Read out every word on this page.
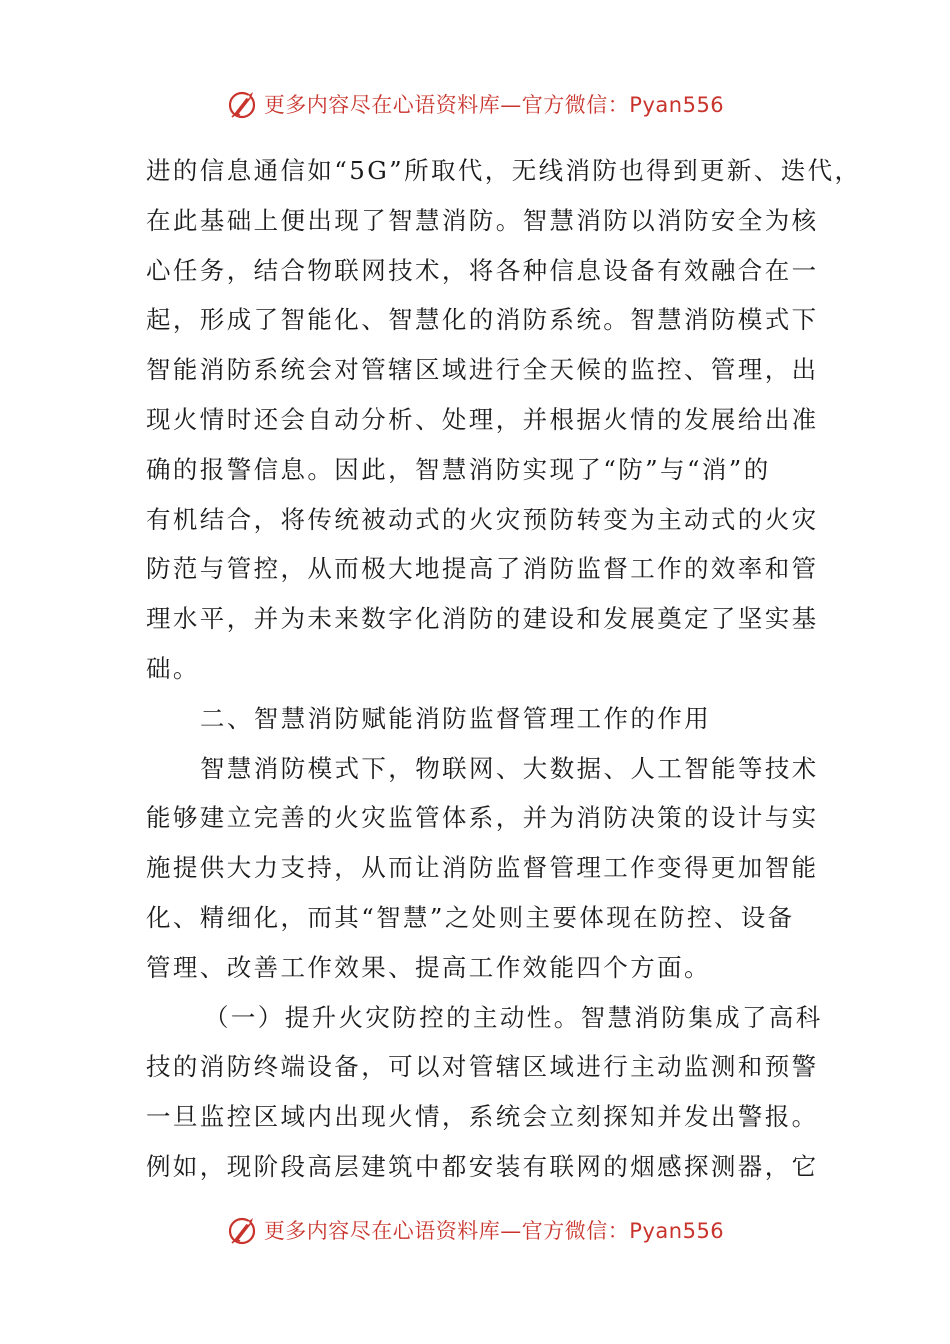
更多内容尽在心语资料库—官方微信：Pyan556
进的信息通信如“5G”所取代，无线消防也得到更新、迭代，
在此基础上便出现了智慧消防。智慧消防以消防安全为核
心任务，结合物联网技术，将各种信息设备有效融合在一
起，形成了智能化、智慧化的消防系统。智慧消防模式下
智能消防系统会对管辖区域进行全天候的监控、管理，出
现火情时还会自动分析、处理，并根据火情的发展给出准
确的报警信息。因此，智慧消防实现了“防”与“消”的
有机结合，将传统被动式的火灾预防转变为主动式的火灾
防范与管控，从而极大地提高了消防监督工作的效率和管
理水平，并为未来数字化消防的建设和发展奠定了坚实基
础。
二、智慧消防赋能消防监督管理工作的作用
智慧消防模式下，物联网、大数据、人工智能等技术
能够建立完善的火灾监管体系，并为消防决策的设计与实
施提供大力支持，从而让消防监督管理工作变得更加智能
化、精细化，而其“智慧”之处则主要体现在防控、设备
管理、改善工作效果、提高工作效能四个方面。
（一）提升火灾防控的主动性。智慧消防集成了高科
技的消防终端设备，可以对管辖区域进行主动监测和预警
一旦监控区域内出现火情，系统会立刻探知并发出警报。
例如，现阶段高层建筑中都安装有联网的烟感探测器，它
更多内容尽在心语资料库—官方微信：Pyan556
